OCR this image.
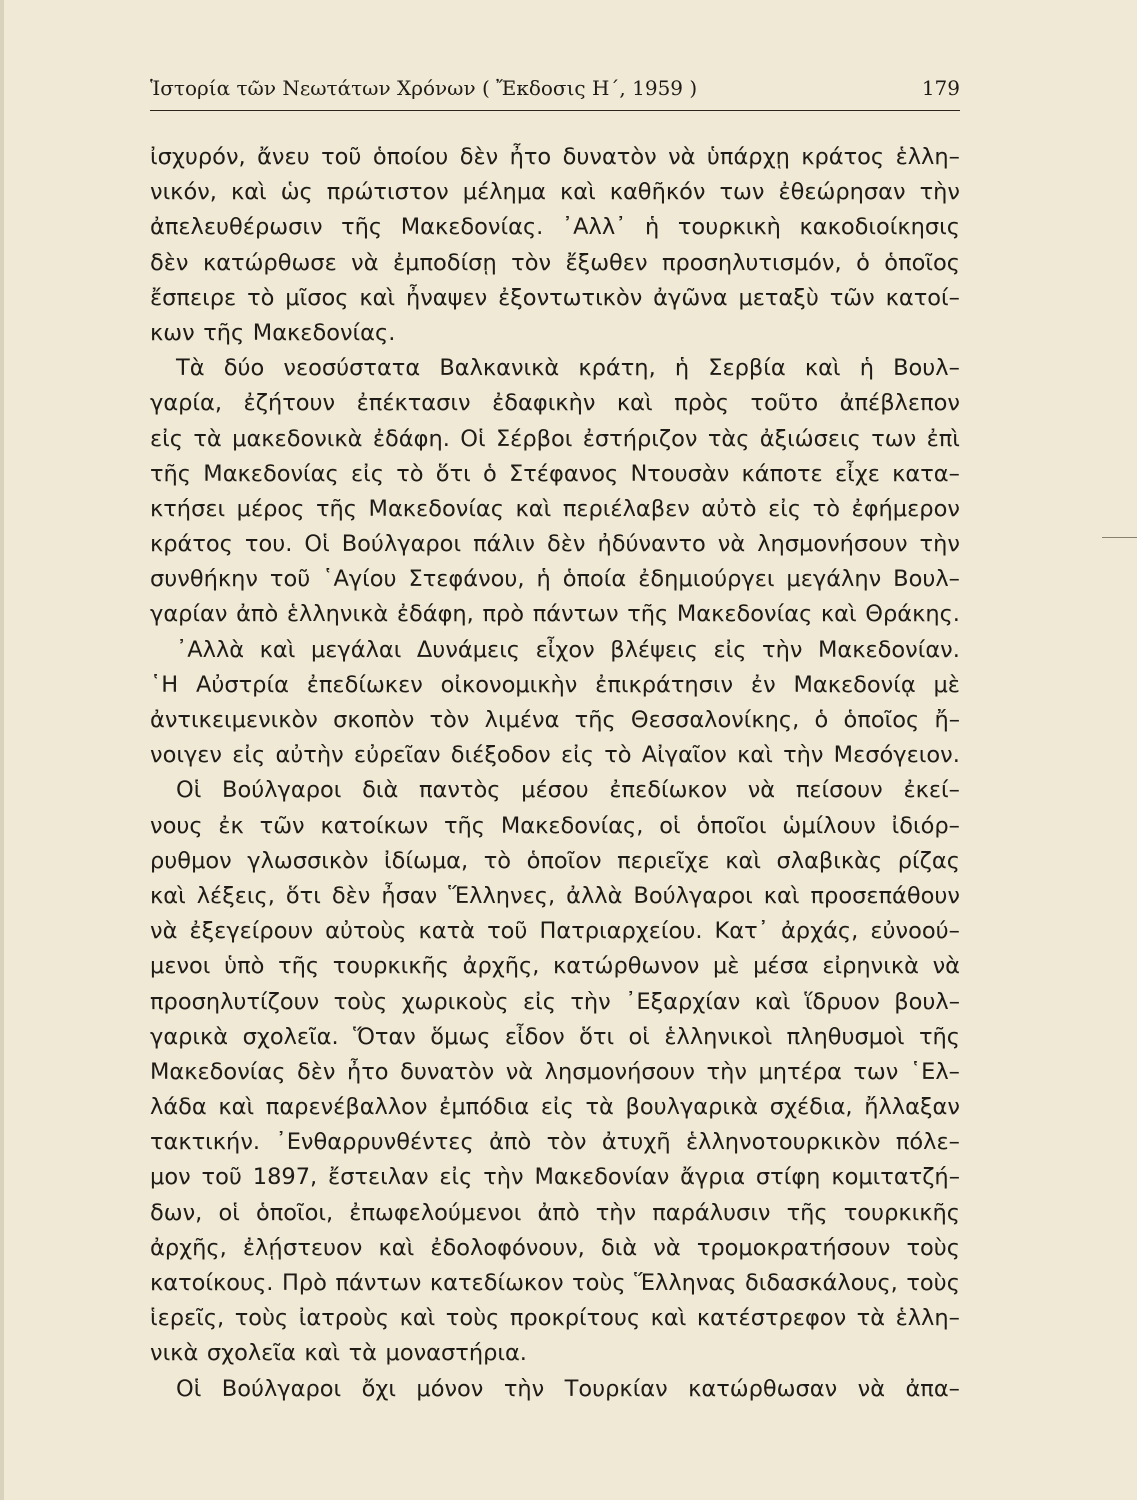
Ἱστορία τῶν Νεωτάτων Χρόνων ( Ἔκδοσις Η΄, 1959 )	179
ἰσχυρόν, ἄνευ τοῦ ὁποίου δὲν ἦτο δυνατὸν νὰ ὑπάρχῃ κράτος ἑλλη–
νικόν, καὶ ὡς πρώτιστον μέλημα καὶ καθῆκόν των ἐθεώρησαν τὴν
ἀπελευθέρωσιν τῆς Μακεδονίας. ᾿Αλλ᾿ ἡ τουρκικὴ κακοδιοίκησις
δὲν κατώρθωσε νὰ ἐμποδίσῃ τὸν ἔξωθεν προσηλυτισμόν, ὁ ὁποῖος
ἔσπειρε τὸ μῖσος καὶ ἦναψεν ἐξοντωτικὸν ἀγῶνα μεταξὺ τῶν κατοί–
κων τῆς Μακεδονίας.
Τὰ δύο νεοσύστατα Βαλκανικὰ κράτη, ἡ Σερβία καὶ ἡ Βουλ–
γαρία, ἐζήτουν ἐπέκτασιν ἐδαφικὴν καὶ πρὸς τοῦτο ἀπέβλεπον
εἰς τὰ μακεδονικὰ ἐδάφη. Οἱ Σέρβοι ἐστήριζον τὰς ἀξιώσεις των ἐπὶ
τῆς Μακεδονίας εἰς τὸ ὅτι ὁ Στέφανος Ντουσὰν κάποτε εἶχε κατα–
κτήσει μέρος τῆς Μακεδονίας καὶ περιέλαβεν αὐτὸ εἰς τὸ ἐφήμερον
κράτος του. Οἱ Βούλγαροι πάλιν δὲν ἠδύναντο νὰ λησμονήσουν τὴν
συνθήκην τοῦ ῾Αγίου Στεφάνου, ἡ ὁποία ἐδημιούργει μεγάλην Βουλ–
γαρίαν ἀπὸ ἑλληνικὰ ἐδάφη, πρὸ πάντων τῆς Μακεδονίας καὶ Θράκης.
᾿Αλλὰ καὶ μεγάλαι Δυνάμεις εἶχον βλέψεις εἰς τὴν Μακεδονίαν.
῾Η Αὐστρία ἐπεδίωκεν οἰκονομικὴν ἐπικράτησιν ἐν Μακεδονίᾳ μὲ
ἀντικειμενικὸν σκοπὸν τὸν λιμένα τῆς Θεσσαλονίκης, ὁ ὁποῖος ἤ–
νοιγεν εἰς αὐτὴν εὐρεῖαν διέξοδον εἰς τὸ Αἰγαῖον καὶ τὴν Μεσόγειον.
Οἱ Βούλγαροι διὰ παντὸς μέσου ἐπεδίωκον νὰ πείσουν ἐκεί–
νους ἐκ τῶν κατοίκων τῆς Μακεδονίας, οἱ ὁποῖοι ὡμίλουν ἰδιόρ–
ρυθμον γλωσσικὸν ἰδίωμα, τὸ ὁποῖον περιεῖχε καὶ σλαβικὰς ρίζας
καὶ λέξεις, ὅτι δὲν ἦσαν Ἕλληνες, ἀλλὰ Βούλγαροι καὶ προσεπάθουν
νὰ ἐξεγείρουν αὐτοὺς κατὰ τοῦ Πατριαρχείου. Κατ᾿ ἀρχάς, εὐνοού–
μενοι ὑπὸ τῆς τουρκικῆς ἀρχῆς, κατώρθωνον μὲ μέσα εἰρηνικὰ νὰ
προσηλυτίζουν τοὺς χωρικοὺς εἰς τὴν ᾿Εξαρχίαν καὶ ἵδρυον βουλ–
γαρικὰ σχολεῖα. Ὅταν ὅμως εἶδον ὅτι οἱ ἑλληνικοὶ πληθυσμοὶ τῆς
Μακεδονίας δὲν ἦτο δυνατὸν νὰ λησμονήσουν τὴν μητέρα των ῾Ελ–
λάδα καὶ παρενέβαλλον ἐμπόδια εἰς τὰ βουλγαρικὰ σχέδια, ἤλλαξαν
τακτικήν. ᾿Ενθαρρυνθέντες ἀπὸ τὸν ἀτυχῆ ἑλληνοτουρκικὸν πόλε–
μον τοῦ 1897, ἔστειλαν εἰς τὴν Μακεδονίαν ἄγρια στίφη κομιτατζή–
δων, οἱ ὁποῖοι, ἐπωφελούμενοι ἀπὸ τὴν παράλυσιν τῆς τουρκικῆς
ἀρχῆς, ἐλῄστευον καὶ ἐδολοφόνουν, διὰ νὰ τρομοκρατήσουν τοὺς
κατοίκους. Πρὸ πάντων κατεδίωκον τοὺς Ἕλληνας διδασκάλους, τοὺς
ἱερεῖς, τοὺς ἰατροὺς καὶ τοὺς προκρίτους καὶ κατέστρεφον τὰ ἑλλη–
νικὰ σχολεῖα καὶ τὰ μοναστήρια.
Οἱ Βούλγαροι ὄχι μόνον τὴν Τουρκίαν κατώρθωσαν νὰ ἀπα–
